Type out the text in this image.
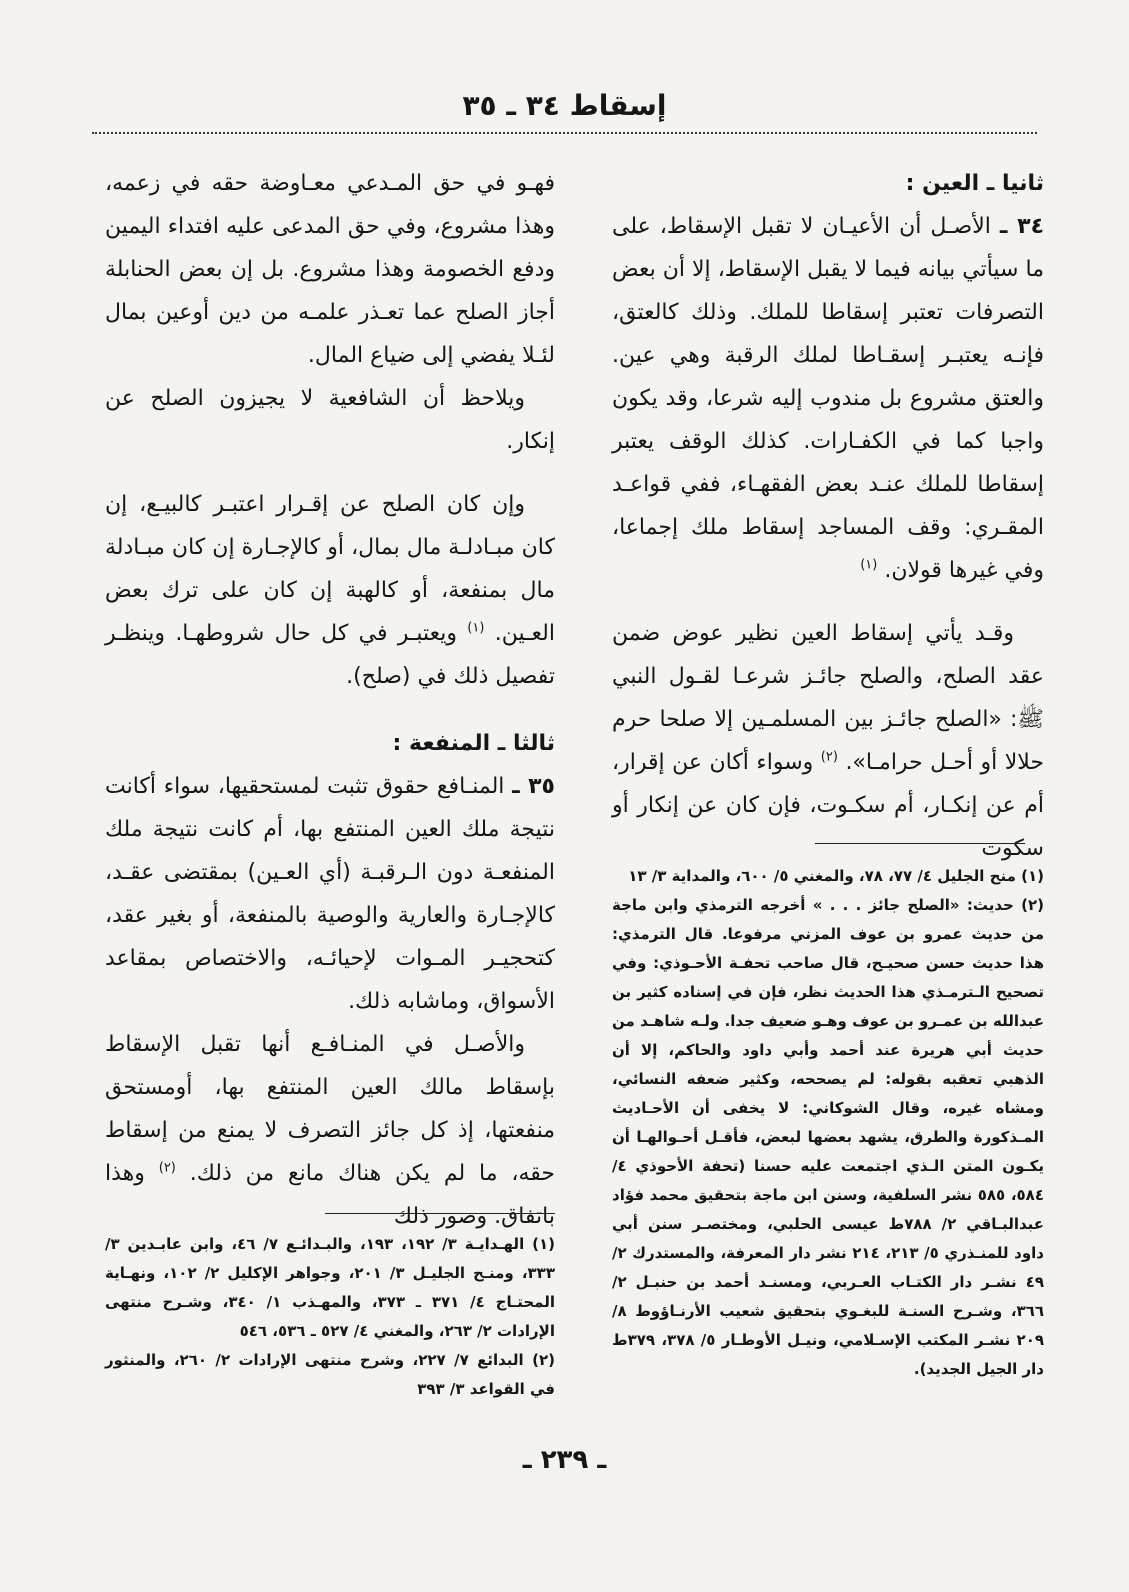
إسقاط ٣٤ ـ ٣٥
ثانيا ـ العين :

٣٤ ـ الأصـل أن الأعيـان لا تقبل الإسقاط، على ما سيأتي بيانه فيما لا يقبل الإسقاط، إلا أن بعض التصرفات تعتبر إسقاطا للملك. وذلك كالعتق، فإنـه يعتبـر إسقـاطا لملك الرقبة وهي عين. والعتق مشروع بل مندوب إليه شرعا، وقد يكون واجبا كما في الكفـارات. كذلك الوقف يعتبر إسقاطا للملك عنـد بعض الفقهـاء، ففي قواعـد المقـري: وقف المساجد إسقاط ملك إجماعا، وفي غيرها قولان. $^{(١)}$

وقـد يأتي إسقاط العين نظير عوض ضمن عقد الصلح، والصلح جائـز شرعـا لقـول النبي ﷺ: «الصلح جائـز بين المسلمـين إلا صلحا حرم حلالا أو أحـل حرامـا». $^{(٢)}$ وسواء أكان عن إقرار، أم عن إنكـار، أم سكـوت، فإن كان عن إنكار أو سكوت

فهـو في حق المـدعي معـاوضة حقه في زعمه، وهذا مشروع، وفي حق المدعى عليه افتداء اليمين ودفع الخصومة وهذا مشروع. بل إن بعض الحنابلة أجاز الصلح عما تعـذر علمـه من دين أوعين بمال لئـلا يفضي إلى ضياع المال.

ويلاحظ أن الشافعية لا يجيزون الصلح عن إنكار.

وإن كان الصلح عن إقـرار اعتبـر كالبيـع، إن كان مبـادلـة مال بمال، أو كالإجـارة إن كان مبـادلة مال بمنفعة، أو كالهبة إن كان على ترك بعض العـين. $^{(١)}$ ويعتبـر في كل حال شروطهـا. وينظـر تفصيل ذلك في (صلح).

ثالثا ـ المنفعة :

٣٥ ـ المنـافع حقوق تثبت لمستحقيها، سواء أكانت نتيجة ملك العين المنتفع بها، أم كانت نتيجة ملك المنفعـة دون الـرقبـة (أي العـين) بمقتضى عقـد، كالإجـارة والعارية والوصية بالمنفعة، أو بغير عقد، كتحجيـر المـوات لإحيائـه، والاختصاص بمقاعد الأسواق، وماشابه ذلك.

والأصـل في المنـافـع أنها تقبل الإسقاط بإسقاط مالك العين المنتفع بها، أومستحق منفعتها، إذ كل جائز التصرف لا يمنع من إسقاط حقه، ما لم يكن هناك مانع من ذلك. $^{(٢)}$ وهذا باتفاق. وصور ذلك

(١) منح الجليل ٤/ ٧٧، ٧٨، والمغني ٥/ ٦٠٠، والمداية ٣/ ١٣

(٢) حديث: «الصلح جائز . . . » أخرجه الترمذي وابن ماجة من حديث عمرو بن عوف المزني مرفوعا. قال الترمذي: هذا حديث حسن صحيـح، قال صاحب تحفـة الأحـوذي: وفي تصحيح الـترمـذي هذا الحديث نظر، فإن في إسناده كثير بن عبدالله بن عمـرو بن عوف وهـو ضعيف جدا. ولـه شاهـد من حديث أبي هريرة عند أحمد وأبي داود والحاكم، إلا أن الذهبي تعقبه بقوله: لم يصححه، وكثير ضعفه النسائي، ومشاه غيره، وقال الشوكاني: لا يخفى أن الأحـاديث المـذكورة والطرق، يشهد بعضها لبعض، فأقـل أحـوالهـا أن يكـون المتن الـذي اجتمعت عليه حسنا (تحفة الأحوذي ٤/ ٥٨٤، ٥٨٥ نشر السلفية، وسنن ابن ماجة بتحقيق محمد فؤاد عبدالبـاقي ٢/ ٧٨٨ط عيسى الحلبي، ومختصـر سنن أبي داود للمنـذري ٥/ ٢١٣، ٢١٤ نشر دار المعرفة، والمستدرك ٢/ ٤٩ نشـر دار الكتـاب العـربي، ومسنـد أحمد بن حنبـل ٢/ ٣٦٦، وشـرح السنـة للبغـوي بتحقيق شعيب الأرنـاؤوط ٨/ ٢٠٩ نشـر المكتب الإسـلامي، ونيـل الأوطـار ٥/ ٣٧٨، ٣٧٩ط دار الجيل الجديد).

(١) الهـدايـة ٣/ ١٩٢، ١٩٣، والبـدائـع ٧/ ٤٦، وابن عابـدين ٣/ ٣٣٣، ومنـح الجليـل ٣/ ٢٠١، وجواهر الإكليل ٢/ ١٠٢، ونهـاية المحتـاج ٤/ ٣٧١ ـ ٣٧٣، والمهـذب ١/ ٣٤٠، وشـرح منتهى الإرادات ٢/ ٢٦٣، والمغني ٤/ ٥٢٧ ـ ٥٣٦، ٥٤٦

(٢) البدائع ٧/ ٢٢٧، وشرح منتهى الإرادات ٢/ ٢٦٠، والمنثور في القواعد ٣/ ٣٩٣

ـ ٢٣٩ ـ
